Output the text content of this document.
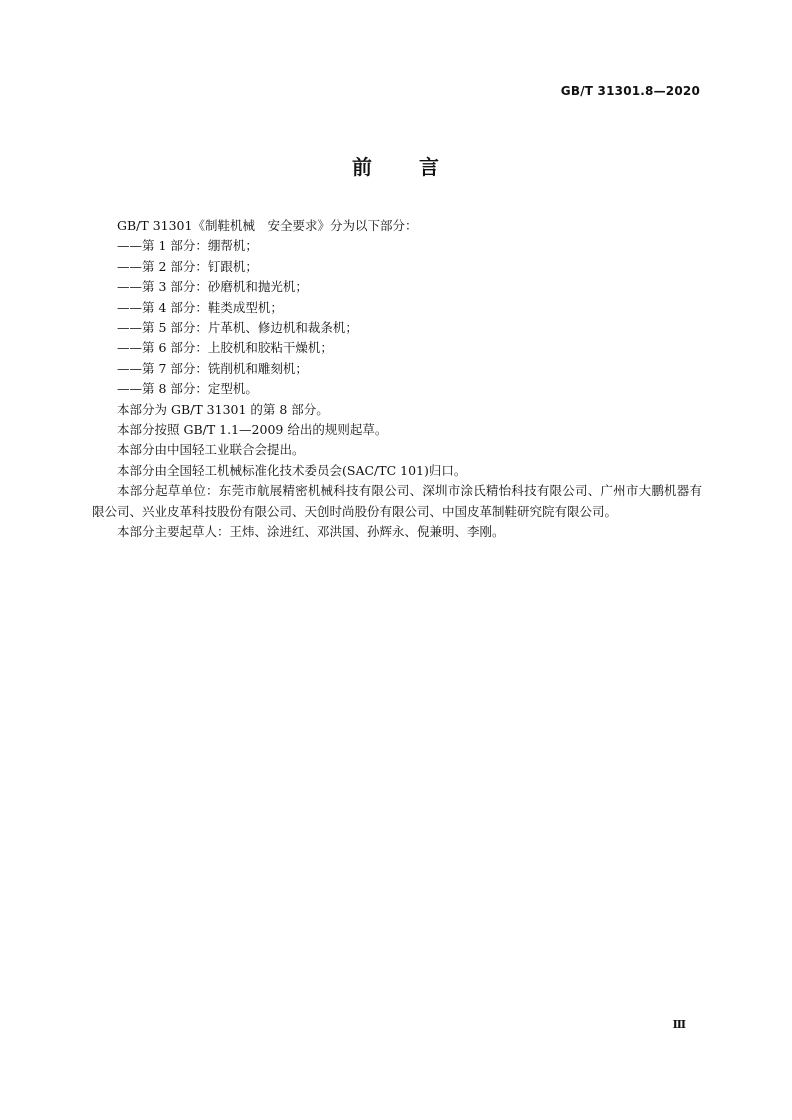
GB/T 31301.8—2020
前 言

GB/T 31301《制鞋机械　安全要求》分为以下部分：

——第 1 部分：绷帮机；

——第 2 部分：钉跟机；

——第 3 部分：砂磨机和抛光机；

——第 4 部分：鞋类成型机；

——第 5 部分：片革机、修边机和裁条机；

——第 6 部分：上胶机和胶粘干燥机；

——第 7 部分：铣削机和雕刻机；

——第 8 部分：定型机。

本部分为 GB/T 31301 的第 8 部分。

本部分按照 GB/T 1.1—2009 给出的规则起草。

本部分由中国轻工业联合会提出。

本部分由全国轻工机械标准化技术委员会(SAC/TC 101)归口。

本部分起草单位：东莞市航展精密机械科技有限公司、深圳市涂氏精怡科技有限公司、广州市大鹏机器有限公司、兴业皮革科技股份有限公司、天创时尚股份有限公司、中国皮革制鞋研究院有限公司。

本部分主要起草人：王炜、涂进红、邓洪国、孙辉永、倪兼明、李刚。

Ⅲ
